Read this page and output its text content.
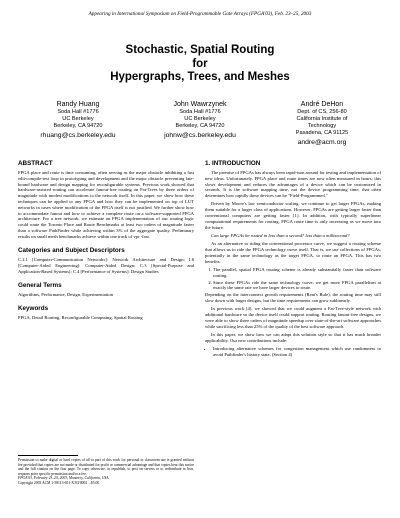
Appearing in International Symposium on Field-Programmable Gate Arrays (FPGA'03), Feb. 23–25, 2003
Stochastic, Spatial Routing
for
Hypergraphs, Trees, and Meshes
Randy Huang
Soda Hall #1776
UC Berkeley
Berkeley, CA 94720
rhuang@cs.berkeley.edu
John Wawrzynek
Soda Hall #1776
UC Berkeley
Berkeley, CA 94720
johnw@cs.berkeley.edu
André DeHon
Dept. of CS, 256-80
California Institute of
Technology
Pasadena, CA 91125
andre@acm.org
ABSTRACT
FPGA place and route is time consuming, often serving as the major obstacle inhibiting a fast edit-compile-test loop in prototyping and development and the major obstacle preventing late-bound hardware and design mapping for reconfigurable systems. Previous work showed that hardware-assisted routing can accelerate fanout-free routing on Fat-Trees by three orders of magnitude with modest modifications to the network itself. In this paper, we show how these techniques can be applied to any FPGA and how they can be implemented on top of LUT networks in cases where modification of the FPGA itself is not justified. We further show how to accommodate fanout and how to achieve a complete route on a software-supported FPGA architecture. For a tree network, we estimate an FPGA implementation of our routing logic could route the Toronto Place and Route Benchmarks at least two orders of magnitude faster than a software PathFinder while achieving within 3% of the aggregate quality. Preliminary results on small mesh benchmarks achieve within one track of vpr -fast.
Categories and Subject Descriptors
C.2.1 [Computer-Communication Networks]: Network Architecture and Design; I.6 [Computer-Aided Engineering]: Computer-Aided Design; C.3 [Special-Purpose and Application-Based Systems]; C.4 [Performance of Systems]: Design Studies
General Terms
Algorithms, Performance, Design, Experimentation
Keywords
FPGA, Detail Routing, Reconfigurable Computing, Spatial Routing
Permission to make digital or hard copies of all or part of this work for personal or classroom use is granted without fee provided that copies are not made or distributed for profit or commercial advantage and that copies bear this notice and the full citation on the first page. To copy otherwise, to republish, to post on servers or to redistribute to lists, requires prior specific permission and/or a fee.
FPGA'03, February 23–25, 2003, Monterey, California, USA.
Copyright 2003 ACM 1-58113-651-X/03/0002 ...$5.00.
1. INTRODUCTION
The promise of FPGAs has always been rapid-turn around for testing and implementation of new ideas. Unfortunately, FPGA place and route times are now often measured in hours; this slows development and reduces the advantages of a device which can be customized in seconds. It is the software mapping time, not the device programming time, that often determines how rapidly these devices can be "Field-Programmed."
Driven by Moore's law semiconductor scaling, we continue to get larger FPGAs, making them suitable for a larger class of applications. However, FPGAs are getting larger faster than conventional computers are getting faster [1]. In addition, with typically superlinear computational requirements for routing, FPGA route time is only increasing as we move into the future.
Can large FPGAs be routed in less than a second? less than a millisecond?
As an alternative to riding the conventional processor curve, we suggest a routing scheme that allows us to ride the FPGA technology curve itself. That is, we use collections of FPGAs, potentially in the same technology as the target FPGA, to route an FPGA. This has two benefits:
1. The parallel, spatial FPGA routing scheme is already substantially faster than software routing.
2. Since these FPGAs ride the same technology curve, we get more FPGA parallelism at exactly the same rate we have larger devices to route.
Depending on the interconnect growth requirements (Rent's Rule), the routing time may still slow down with larger designs, but the time requirements can grow sublinearly.
In previous work [4], we showed that we could augment a Fat-Tree-style network with additional hardware so the device itself could support routing. Routing fanout-free designs, we were able to show three orders of magnitude speedup over state-of-the-art software approaches while sacrificing less than 25% of the quality of the best software approach.
In this paper, we show how we can adapt this solution style so that it has much broader applicability. Our new contributions include:
• Introducing alternative schemes for congestion management which use randomness to avoid Pathfinder's history state. (Section 4)
